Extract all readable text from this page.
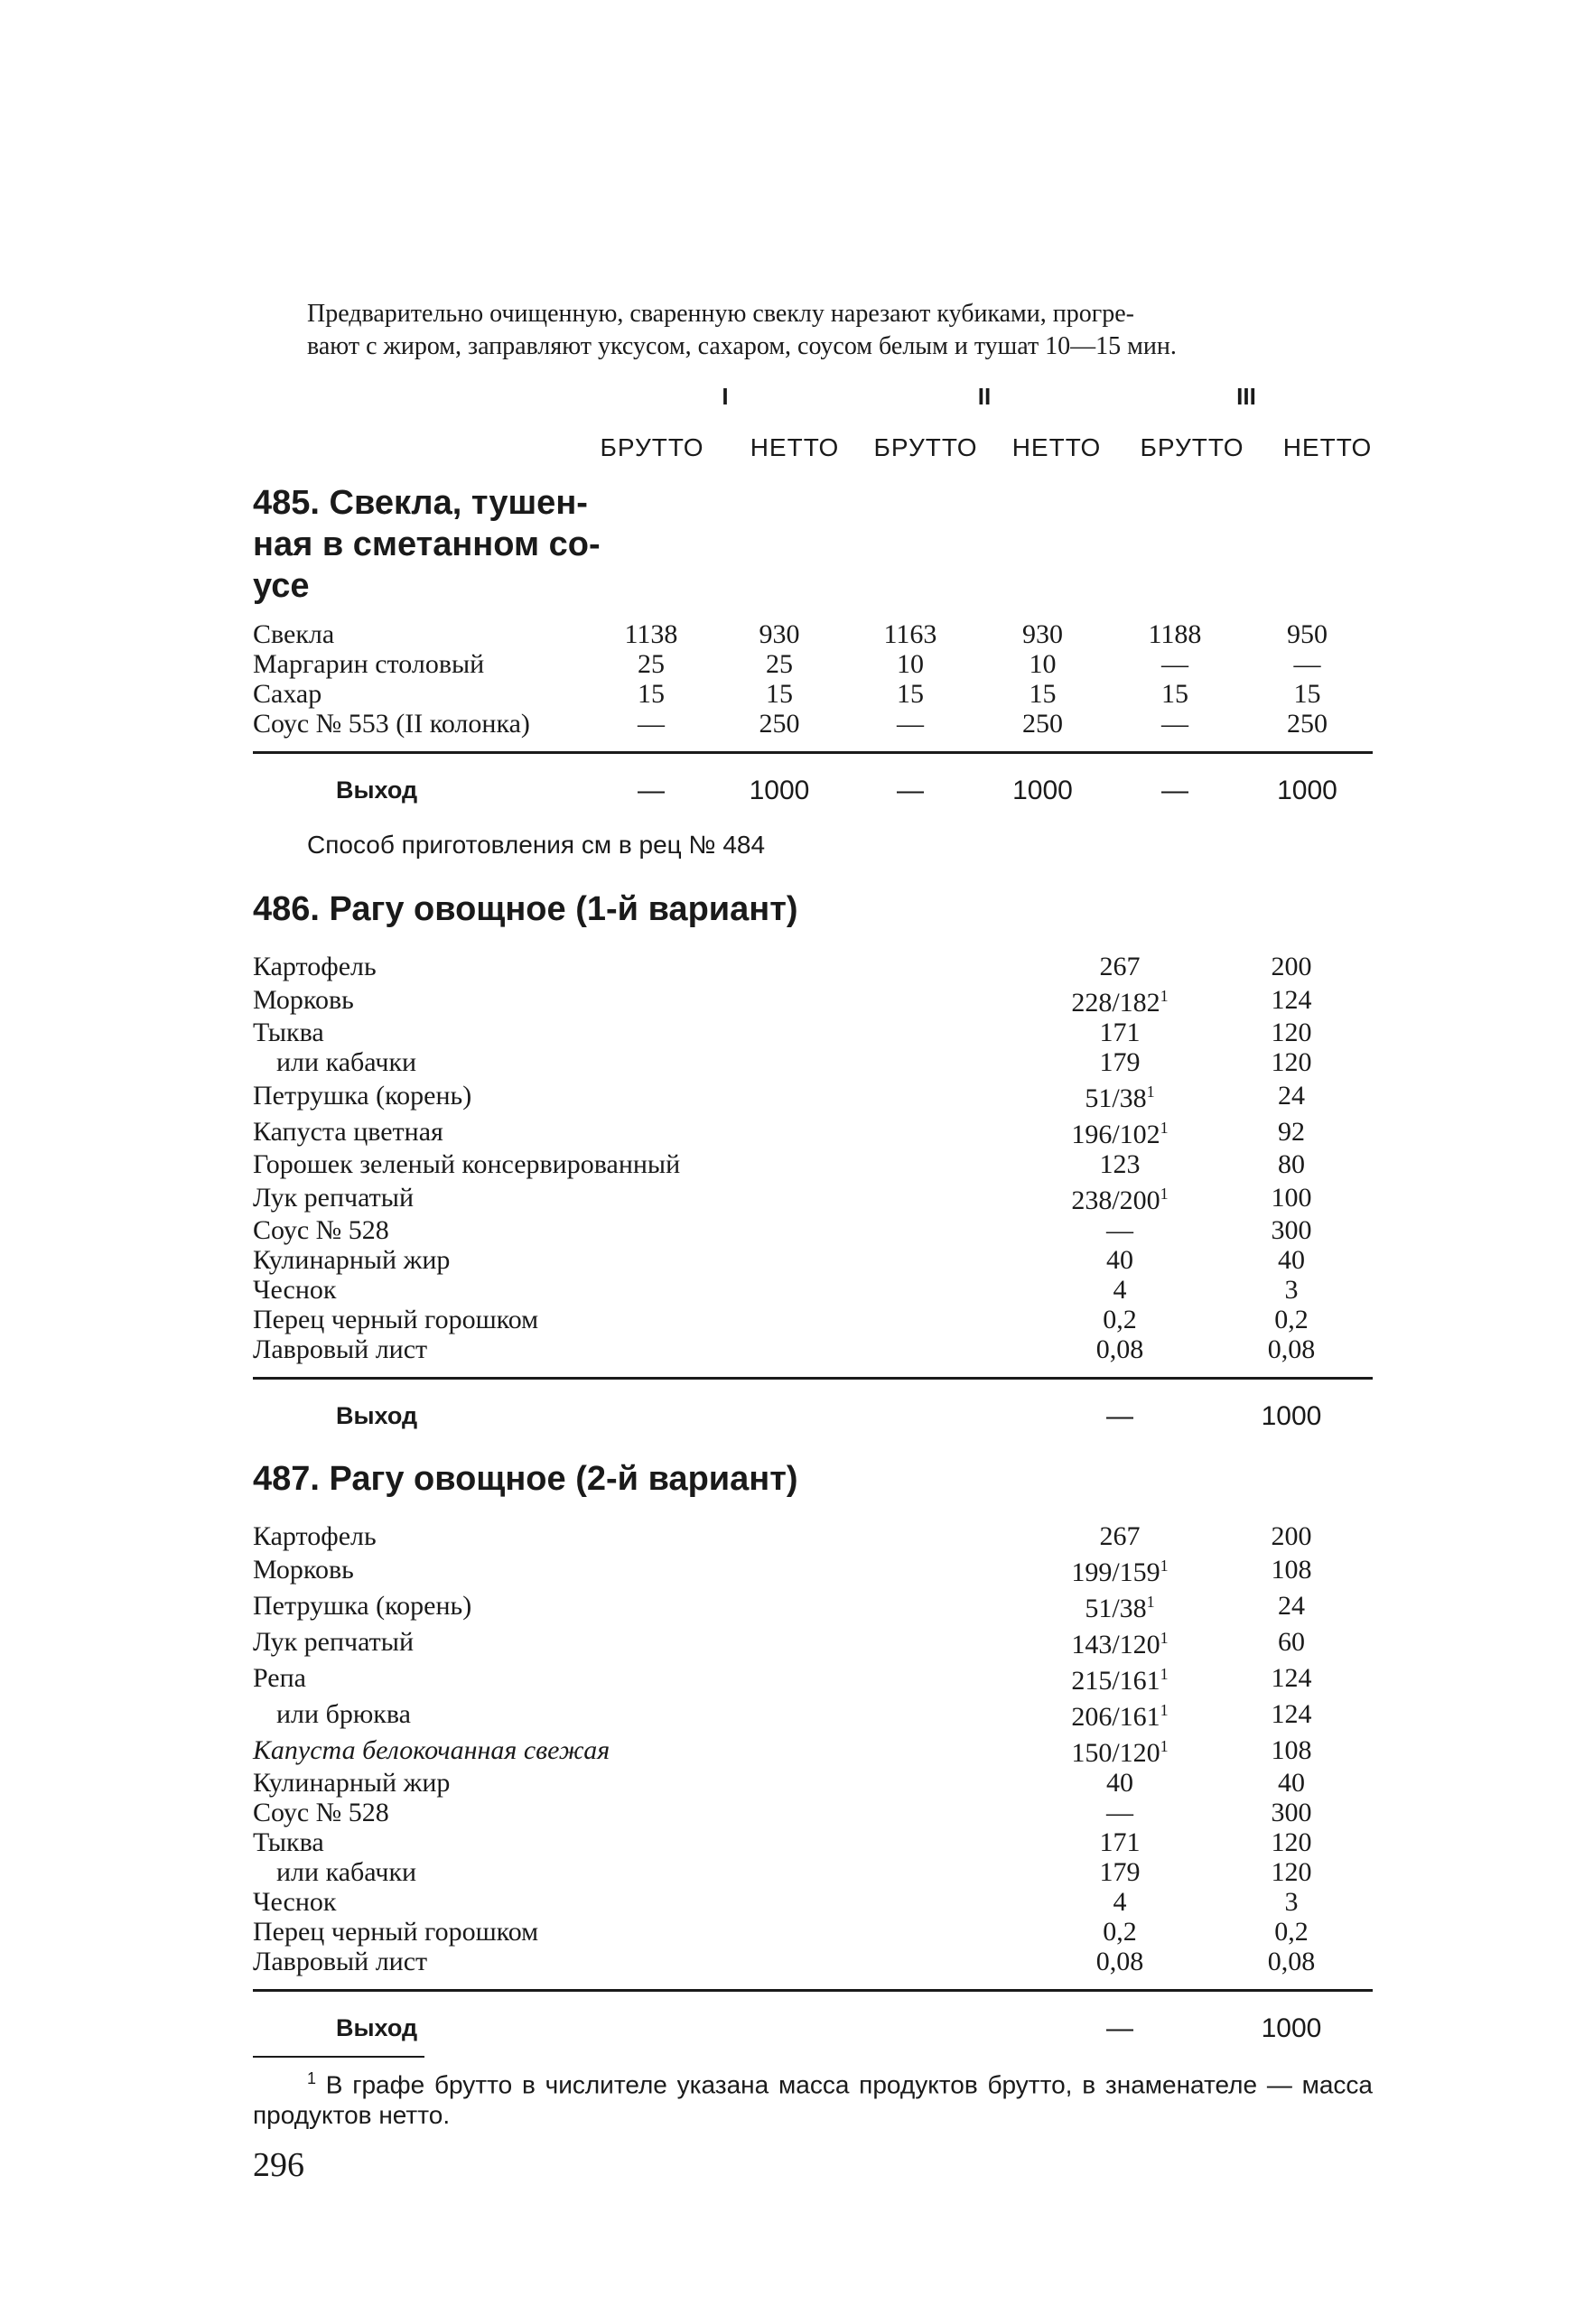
Предварительно очищенную, сваренную свеклу нарезают кубиками, прогре-
вают с жиром, заправляют уксусом, сахаром, соусом белым и тушат 10—15 мин.

I	II	III
БРУТТО НЕТТО БРУТТО НЕТТО БРУТТО НЕТТО
485. Свекла, тушенная в сметанном соусе
Свекла	1138	930	1163	930	1188	950
Маргарин столовый	25	25	10	10	—	—
Сахар	15	15	15	15	15	15
Соус № 553 (II колонка)	—	250	—	250	—	250
Выход	—	1000	—	1000	—	1000

Способ приготовления см в рец № 484

486. Рагу овощное (1-й вариант)
Картофель	267	200
Морковь	$228/182^1$	124
Тыква	171	120
или кабачки	179	120
Петрушка (корень)	$51/38^1$	24
Капуста цветная	$196/102^1$	92
Горошек зеленый консервированный	123	80
Лук репчатый	$238/200^1$	100
Соус № 528	—	300
Кулинарный жир	40	40
Чеснок	4	3
Перец черный горошком	0,2	0,2
Лавровый лист	0,08	0,08
Выход	—	1000
487. Рагу овощное (2-й вариант)
Картофель	267	200
Морковь	$199/159^1$	108
Петрушка (корень)	$51/38^1$	24
Лук репчатый	$143/120^1$	60
Репа	$215/161^1$	124
или брюква	$206/161^1$	124
Капуста белокочанная свежая	$150/120^1$	108
Кулинарный жир	40	40
Соус № 528	—	300
Тыква	171	120
или кабачки	179	120
Чеснок	4	3
Перец черный горошком	0,2	0,2
Лавровый лист	0,08	0,08
Выход	—	1000

$^1$ В графе брутто в числителе указана масса продуктов брутто, в знаменателе — масса продуктов нетто.

296
